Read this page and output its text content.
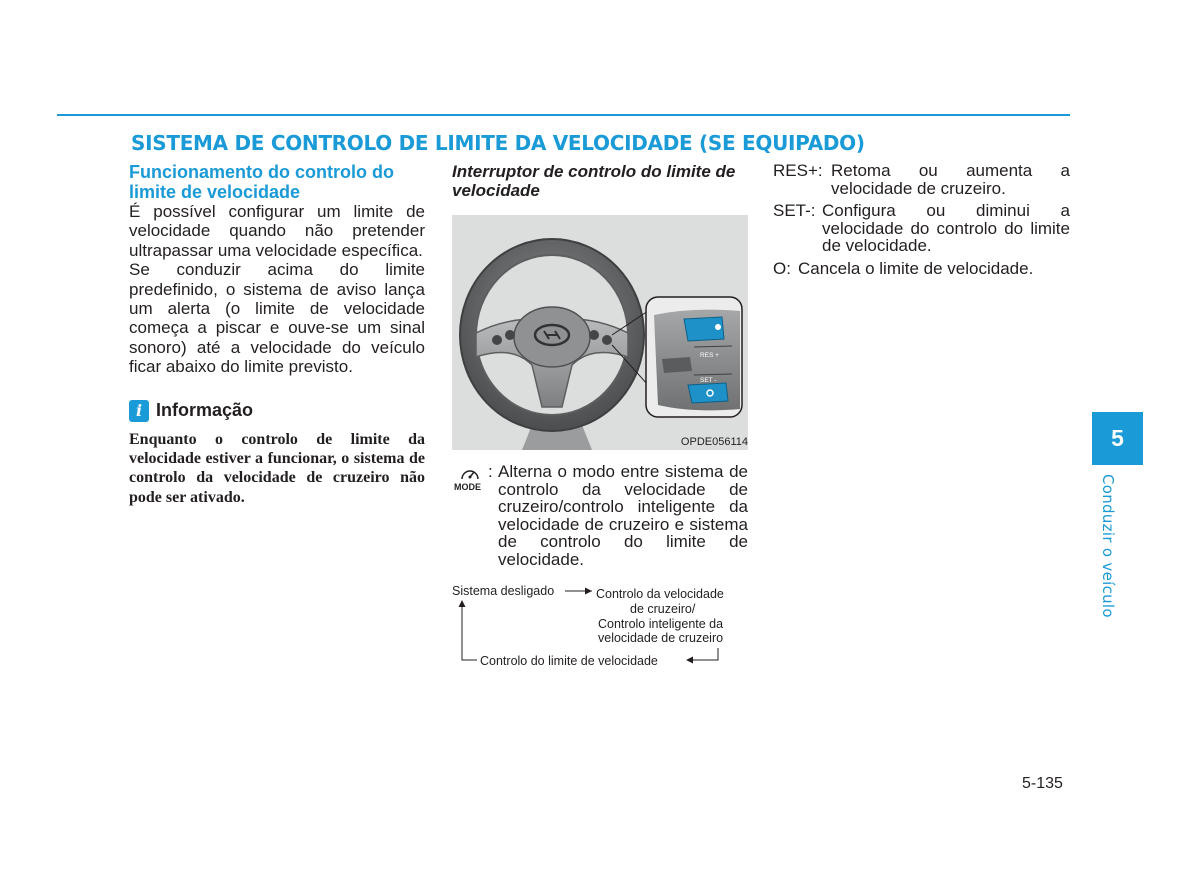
SISTEMA DE CONTROLO DE LIMITE DA VELOCIDADE (SE EQUIPADO)
Funcionamento do controlo do limite de velocidade

É possível configurar um limite de velocidade quando não pretender ultrapassar uma velocidade específica.

Se conduzir acima do limite predefinido, o sistema de aviso lança um alerta (o limite de velocidade começa a piscar e ouve-se um sinal sonoro) até a velocidade do veículo ficar abaixo do limite previsto.

i Informação

Enquanto o controlo de limite da velocidade estiver a funcionar, o sistema de controlo da velocidade de cruzeiro não pode ser ativado.

Interruptor de controlo do limite de velocidade
RES +
SET -
OPDE056114
MODE
: Alterna o modo entre sistema de controlo da velocidade de cruzeiro/controlo inteligente da velocidade de cruzeiro e sistema de controlo do limite de velocidade.

Sistema desligado	Controlo da velocidade
de cruzeiro/
Controlo inteligente da
velocidade de cruzeiro
Controlo do limite de velocidade
RES+: Retoma ou aumenta a velocidade de cruzeiro.
SET-: Configura ou diminui a velocidade do controlo do limite de velocidade.
O: Cancela o limite de velocidade.
5
Conduzir o veículo
5-135
